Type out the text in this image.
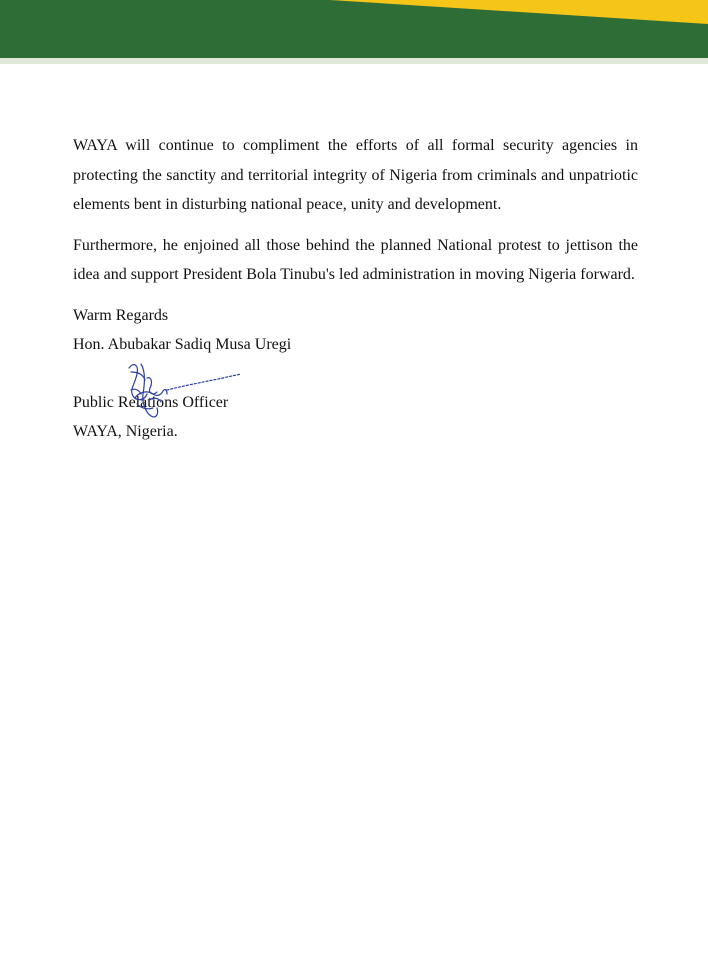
WAYA will continue to compliment the efforts of all formal security agencies in protecting the sanctity and territorial integrity of Nigeria from criminals and unpatriotic elements bent in disturbing national peace, unity and development.

Furthermore, he enjoined all those behind the planned National protest to jettison the idea and support President Bola Tinubu's led administration in moving Nigeria forward.

Warm Regards
Hon. Abubakar Sadiq Musa Uregi
Public Relations Officer
WAYA, Nigeria.
